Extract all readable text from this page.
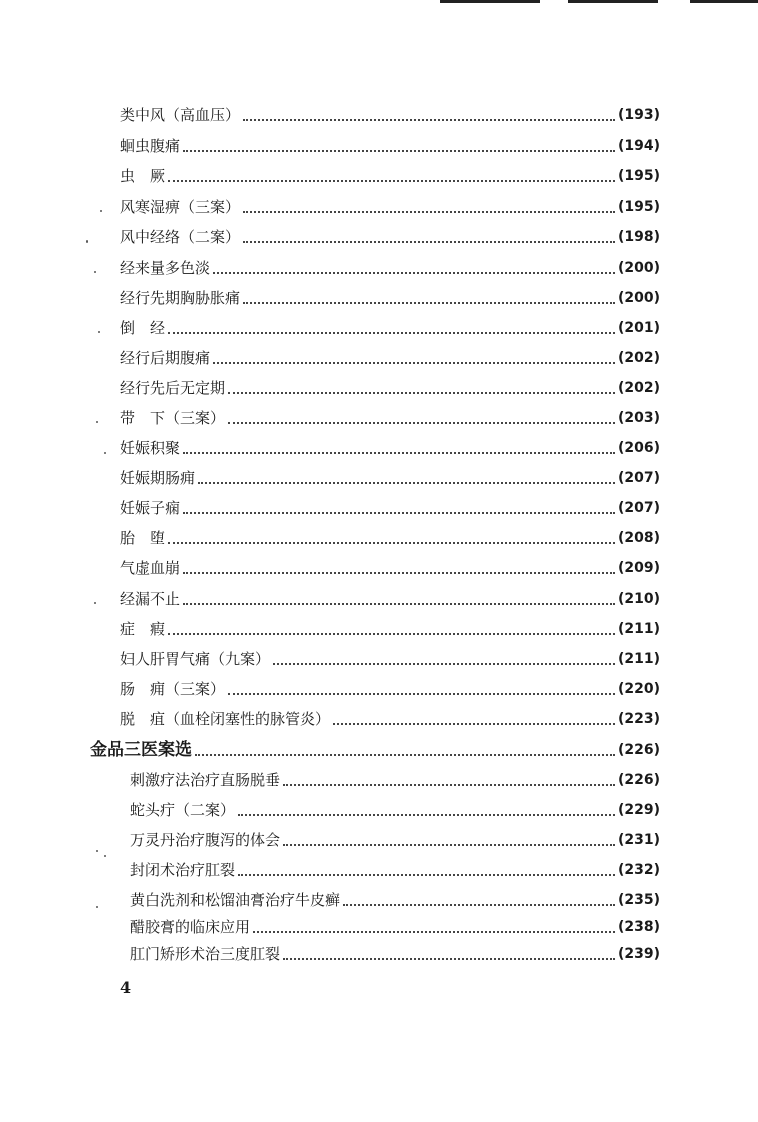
类中风（高血压）	(193)
蛔虫腹痛	(194)
虫　厥	(195)
风寒湿痹（三案）	(195)
风中经络（二案）	(198)
经来量多色淡	(200)
经行先期胸胁胀痛	(200)
倒　经	(201)
经行后期腹痛	(202)
经行先后无定期	(202)
带　下（三案）	(203)
妊娠积聚	(206)
妊娠期肠痈	(207)
妊娠子痫	(207)
胎　堕	(208)
气虚血崩	(209)
经漏不止	(210)
症　瘕	(211)
妇人肝胃气痛（九案）	(211)
肠　痈（三案）	(220)
脱　疽（血栓闭塞性的脉管炎）	(223)
金品三医案选	(226)
刺激疗法治疗直肠脱垂	(226)
蛇头疔（二案）	(229)
万灵丹治疗腹泻的体会	(231)
封闭术治疗肛裂	(232)
黄白洗剂和松馏油膏治疗牛皮癣	(235)
醋胶膏的临床应用	(238)
肛门矫形术治三度肛裂	(239)
4
